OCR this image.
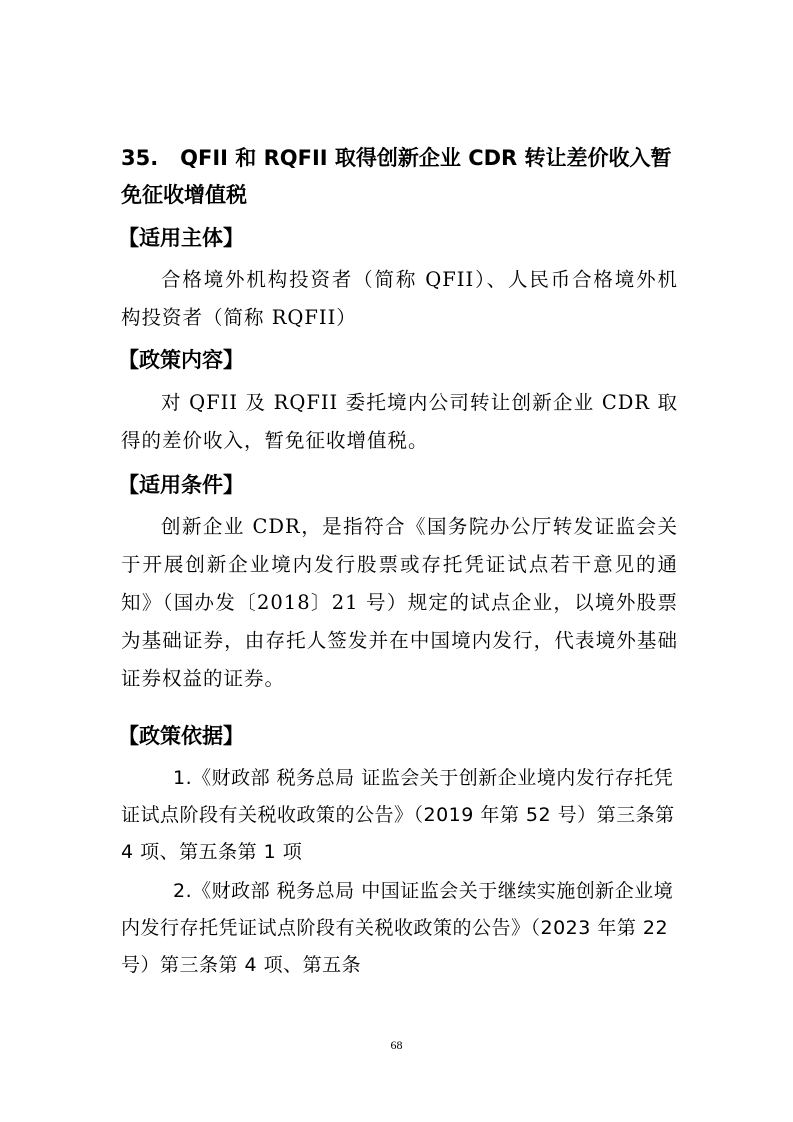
35.   QFII 和 RQFII 取得创新企业 CDR 转让差价收入暂免征收增值税
【适用主体】

合格境外机构投资者（简称 QFII）、人民币合格境外机构投资者（简称 RQFII）

【政策内容】

对 QFII 及 RQFII 委托境内公司转让创新企业 CDR 取得的差价收入，暂免征收增值税。

【适用条件】

创新企业 CDR，是指符合《国务院办公厅转发证监会关于开展创新企业境内发行股票或存托凭证试点若干意见的通知》（国办发〔2018〕21 号）规定的试点企业，以境外股票为基础证券，由存托人签发并在中国境内发行，代表境外基础证券权益的证券。

【政策依据】

1.《财政部 税务总局 证监会关于创新企业境内发行存托凭证试点阶段有关税收政策的公告》（2019 年第 52 号）第三条第 4 项、第五条第 1 项

2.《财政部 税务总局 中国证监会关于继续实施创新企业境内发行存托凭证试点阶段有关税收政策的公告》（2023 年第 22 号）第三条第 4 项、第五条

68
